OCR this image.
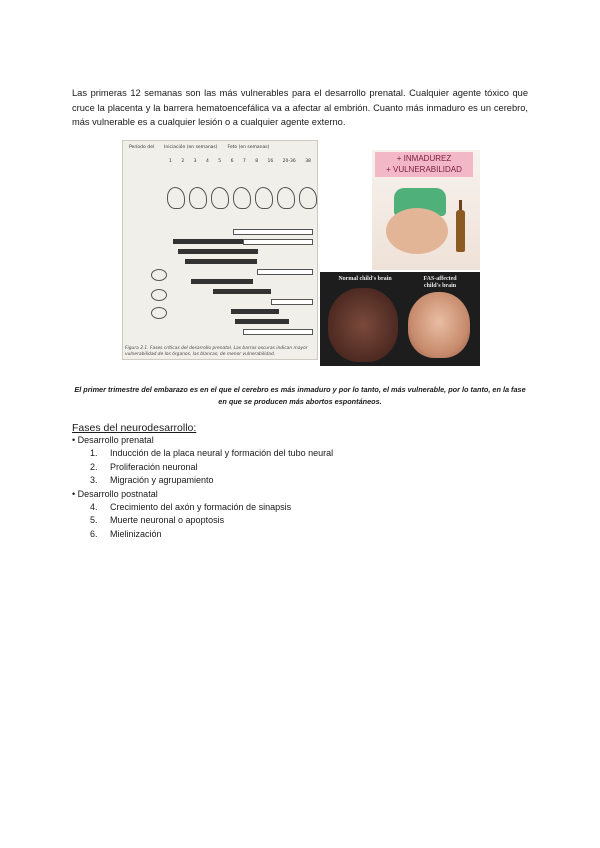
Las primeras 12 semanas son las más vulnerables para el desarrollo prenatal. Cualquier agente tóxico que cruce la placenta y la barrera hematoencefálica va a afectar al embrión. Cuanto más inmaduro es un cerebro, más vulnerable es a cualquier lesión o a cualquier agente externo.

Período del Iniciación (en semanas) Feto (en semanas)
1 2 3 4 5 6 7 8 16 20-36 38
Figura 2.1. Fases críticas del desarrollo prenatal. Las barras oscuras indican mayor vulnerabilidad de los órganos, las blancas, de menor vulnerabilidad.
+ INMADUREZ
+ VULNERABILIDAD
Normal child's brain	FAS-affected
child's brain

El primer trimestre del embarazo es en el que el cerebro es más inmaduro y por lo tanto, el más vulnerable, por lo tanto, en la fase en que se producen más abortos espontáneos.

Fases del neurodesarrollo:

• Desarrollo prenatal

1.	Inducción de la placa neural y formación del tubo neural
2.	Proliferación neuronal
3.	Migración y agrupamiento

• Desarrollo postnatal

4.	Crecimiento del axón y formación de sinapsis
5.	Muerte neuronal o apoptosis
6.	Mielinización
